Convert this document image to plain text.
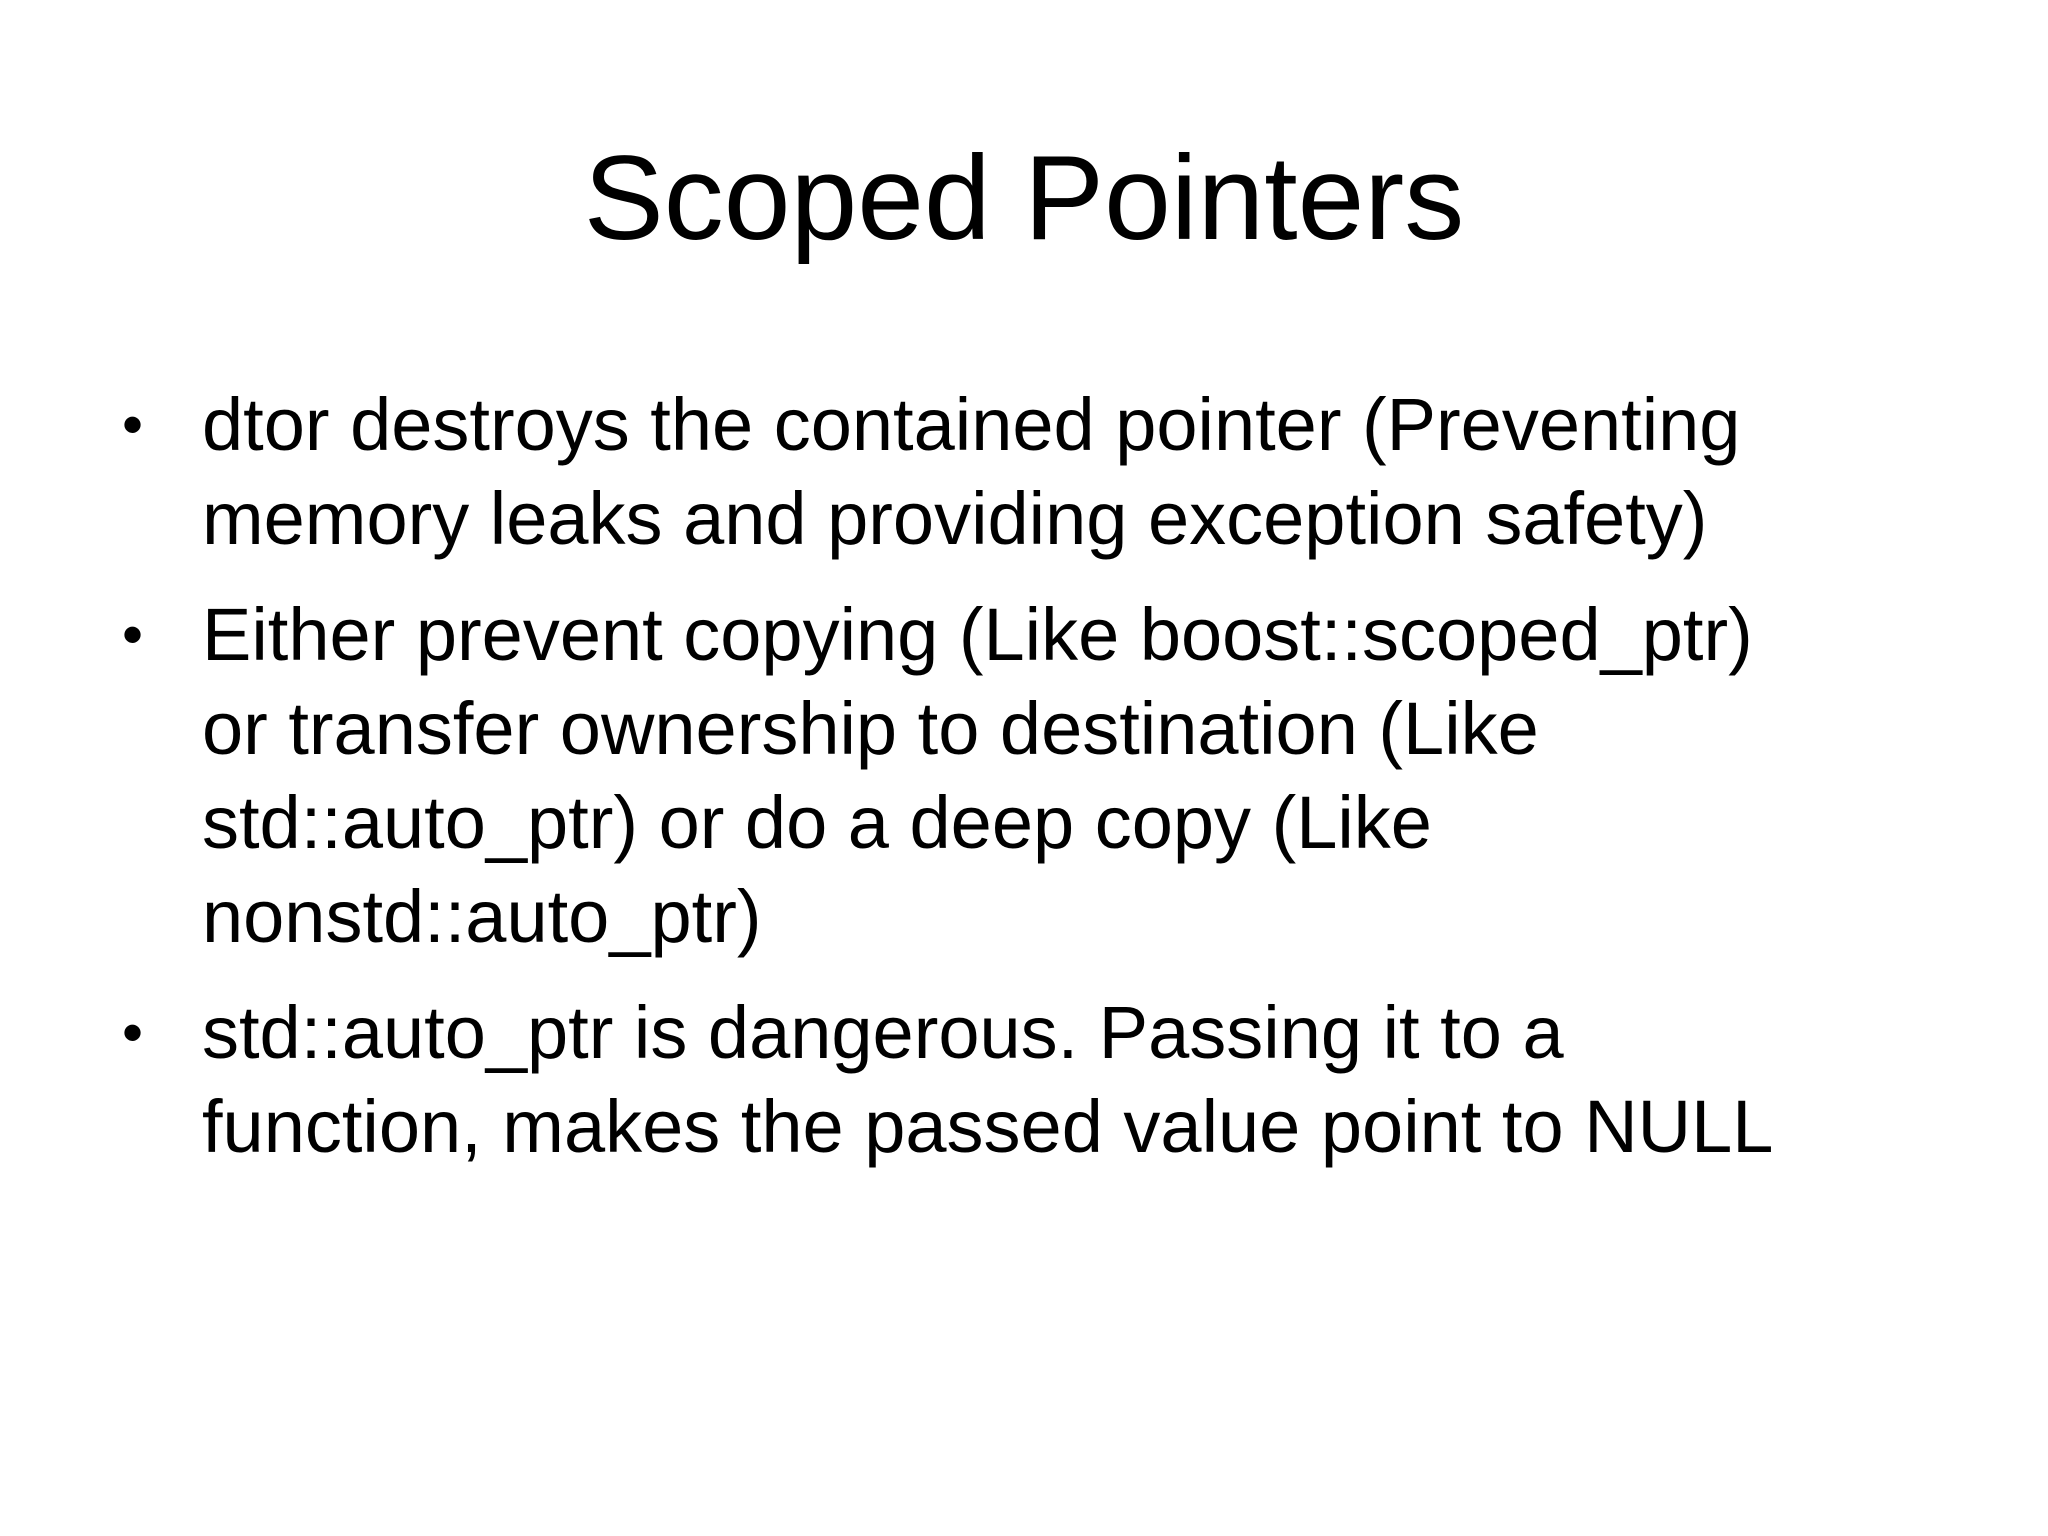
Scoped Pointers
• dtor destroys the contained pointer (Preventing
memory leaks and providing exception safety)
• Either prevent copying (Like boost::scoped_ptr)
or transfer ownership to destination (Like
std::auto_ptr) or do a deep copy (Like
nonstd::auto_ptr)
• std::auto_ptr is dangerous. Passing it to a
function, makes the passed value point to NULL
